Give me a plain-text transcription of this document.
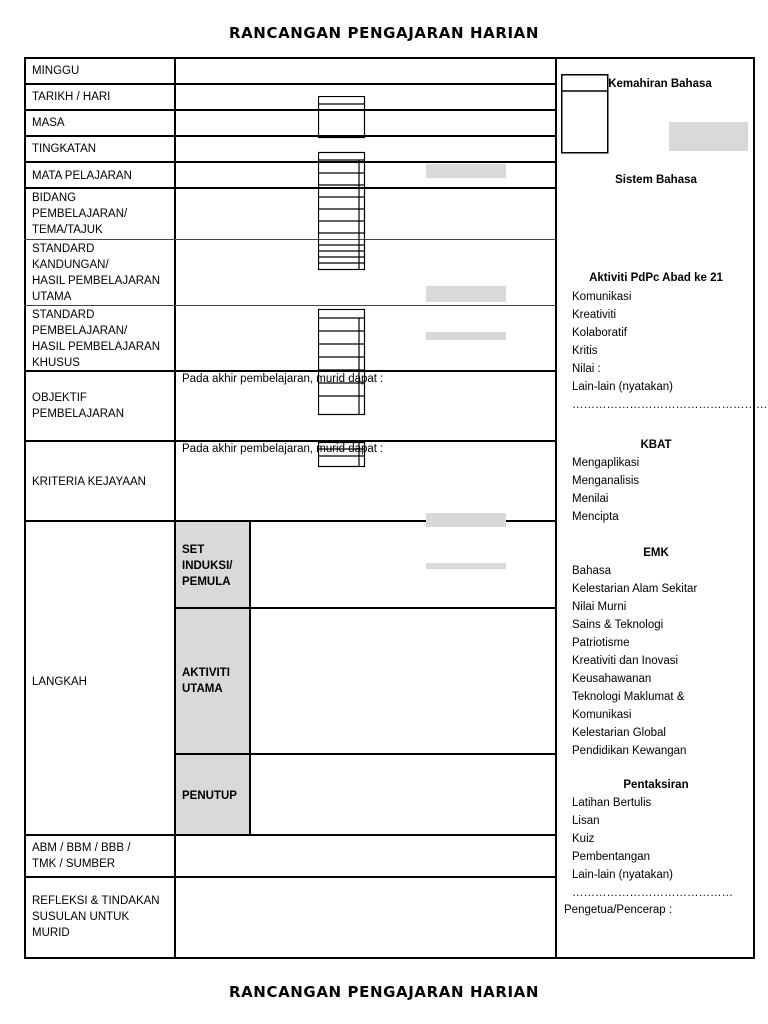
RANCANGAN PENGAJARAN HARIAN
RANCANGAN PENGAJARAN HARIAN
MINGGU
TARIKH / HARI
MASA
TINGKATAN
MATA PELAJARAN
BIDANG
PEMBELAJARAN/
TEMA/TAJUK
STANDARD
KANDUNGAN/
HASIL PEMBELAJARAN
UTAMA
STANDARD
PEMBELAJARAN/
HASIL PEMBELAJARAN
KHUSUS
OBJEKTIF
PEMBELAJARAN
KRITERIA KEJAYAAN
LANGKAH
ABM / BBM / BBB /
TMK / SUMBER
REFLEKSI & TINDAKAN
SUSULAN UNTUK
MURID
SET
INDUKSI/
PEMULA
AKTIVITI
UTAMA
PENUTUP
Pada akhir pembelajaran, murid dapat :
Pada akhir pembelajaran, murid dapat :
Kemahiran Bahasa
Sistem Bahasa
Aktiviti PdPc Abad ke 21
Komunikasi
Kreativiti
Kolaboratif
Kritis
Nilai :
Lain-lain (nyatakan)
……………………………………………
KBAT
Mengaplikasi
Menganalisis
Menilai
Mencipta
EMK
Bahasa
Kelestarian Alam Sekitar
Nilai Murni
Sains & Teknologi
Patriotisme
Kreativiti dan Inovasi
Keusahawanan
Teknologi Maklumat &
Komunikasi
Kelestarian Global
Pendidikan Kewangan
Pentaksiran
Latihan Bertulis
Lisan
Kuiz
Pembentangan
Lain-lain (nyatakan)
……………………………………
Pengetua/Pencerap :
